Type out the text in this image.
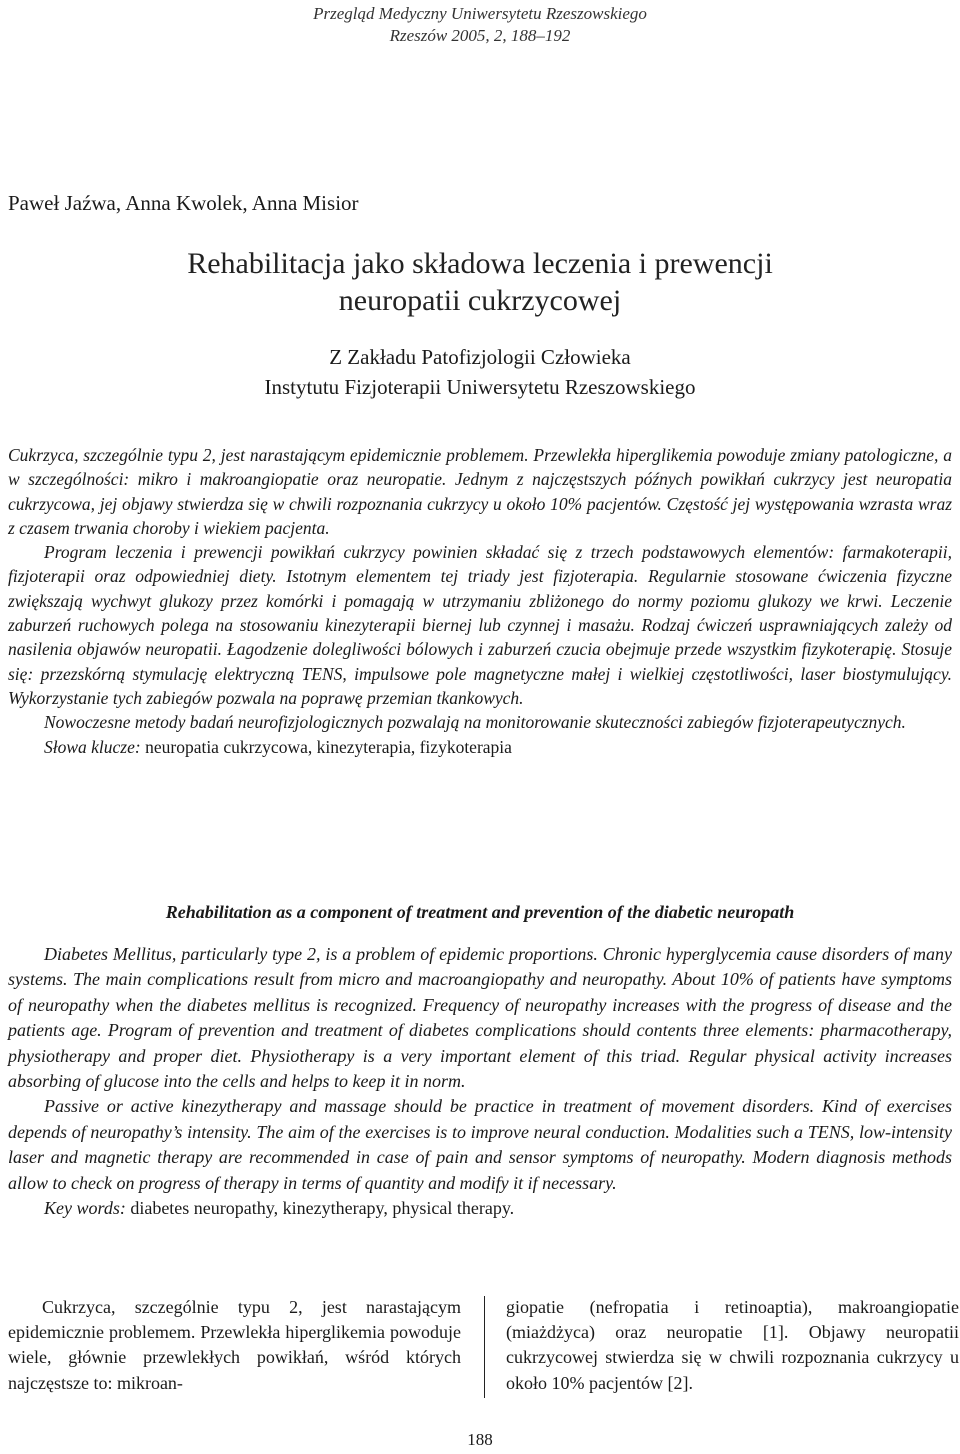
Przegląd Medyczny Uniwersytetu Rzeszowskiego
Rzeszów 2005, 2, 188–192
Paweł Jaźwa, Anna Kwolek, Anna Misior
Rehabilitacja jako składowa leczenia i prewencji
neuropatii cukrzycowej
Z Zakładu Patofizjologii Człowieka
Instytutu Fizjoterapii Uniwersytetu Rzeszowskiego

Cukrzyca, szczególnie typu 2, jest narastającym epidemicznie problemem. Przewlekła hiperglikemia powoduje zmiany patologiczne, a w szczególności: mikro i makroangiopatie oraz neuropatie. Jednym z najczęstszych późnych powikłań cukrzycy jest neuropatia cukrzycowa, jej objawy stwierdza się w chwili rozpoznania cukrzycy u około 10% pacjentów. Częstość jej występowania wzrasta wraz z czasem trwania choroby i wiekiem pacjenta.

Program leczenia i prewencji powikłań cukrzycy powinien składać się z trzech podstawowych elementów: farmakoterapii, fizjoterapii oraz odpowiedniej diety. Istotnym elementem tej triady jest fizjoterapia. Regularnie stosowane ćwiczenia fizyczne zwiększają wychwyt glukozy przez komórki i pomagają w utrzymaniu zbliżonego do normy poziomu glukozy we krwi. Leczenie zaburzeń ruchowych polega na stosowaniu kinezyterapii biernej lub czynnej i masażu. Rodzaj ćwiczeń usprawniających zależy od nasilenia objawów neuropatii. Łagodzenie dolegliwości bólowych i zaburzeń czucia obejmuje przede wszystkim fizykoterapię. Stosuje się: przezskórną stymulację elektryczną TENS, impulsowe pole magnetyczne małej i wielkiej częstotliwości, laser biostymulujący. Wykorzystanie tych zabiegów pozwala na poprawę przemian tkankowych.

Nowoczesne metody badań neurofizjologicznych pozwalają na monitorowanie skuteczności zabiegów fizjoterapeutycznych.

Słowa klucze: neuropatia cukrzycowa, kinezyterapia, fizykoterapia

Rehabilitation as a component of treatment and prevention of the diabetic neuropath

Diabetes Mellitus, particularly type 2, is a problem of epidemic proportions. Chronic hyperglycemia cause disorders of many systems. The main complications result from micro and macroangiopathy and neuropathy. About 10% of patients have symptoms of neuropathy when the diabetes mellitus is recognized. Frequency of neuropathy increases with the progress of disease and the patients age. Program of prevention and treatment of diabetes complications should contents three elements: pharmacotherapy, physiotherapy and proper diet. Physiotherapy is a very important element of this triad. Regular physical activity increases absorbing of glucose into the cells and helps to keep it in norm.

Passive or active kinezytherapy and massage should be practice in treatment of movement disorders. Kind of exercises depends of neuropathy’s intensity. The aim of the exercises is to improve neural conduction. Modalities such a TENS, low-intensity laser and magnetic therapy are recommended in case of pain and sensor symptoms of neuropathy. Modern diagnosis methods allow to check on progress of therapy in terms of quantity and modify it if necessary.

Key words: diabetes neuropathy, kinezytherapy, physical therapy.

Cukrzyca, szczególnie typu 2, jest narastającym epidemicznie problemem. Przewlekła hiperglikemia powoduje wiele, głównie przewlekłych powikłań, wśród których najczęstsze to: mikroan-

giopatie (nefropatia i retinoaptia), makroangiopatie (miażdżyca) oraz neuropatie [1]. Objawy neuropatii cukrzycowej stwierdza się w chwili rozpoznania cukrzycy u około 10% pacjentów [2].

188
